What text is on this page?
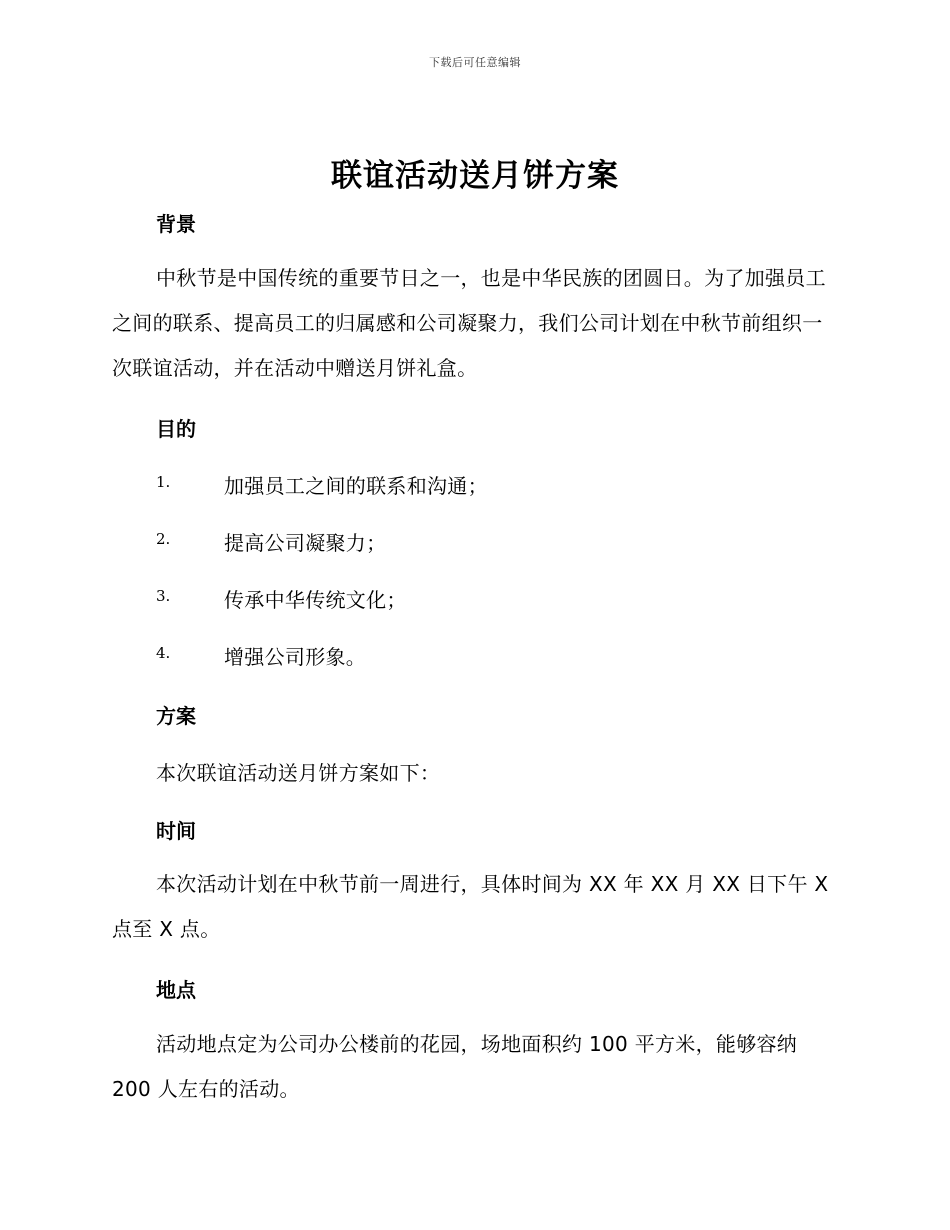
下载后可任意编辑
联谊活动送月饼方案
背景

中秋节是中国传统的重要节日之一，也是中华民族的团圆日。为了加强员工之间的联系、提高员工的归属感和公司凝聚力，我们公司计划在中秋节前组织一次联谊活动，并在活动中赠送月饼礼盒。

目的
1.	加强员工之间的联系和沟通；
2.	提高公司凝聚力；
3.	传承中华传统文化；
4.	增强公司形象。
方案

本次联谊活动送月饼方案如下：

时间

本次活动计划在中秋节前一周进行，具体时间为 XX 年 XX 月 XX 日下午 X 点至 X 点。

地点

活动地点定为公司办公楼前的花园，场地面积约 100 平方米，能够容纳 200 人左右的活动。
